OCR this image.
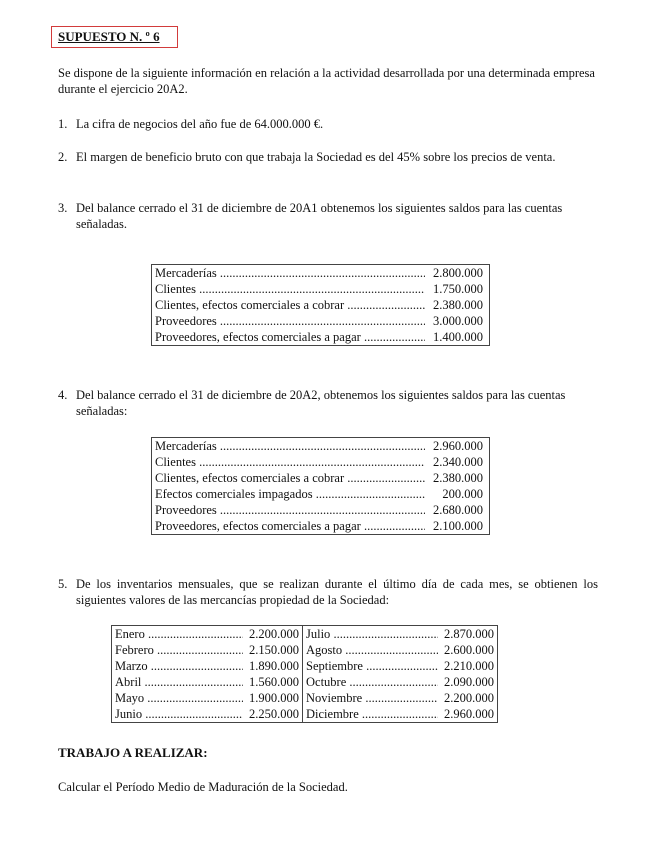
SUPUESTO N. º 6
Se dispone de la siguiente información en relación a la actividad desarrollada por una determinada empresa durante el ejercicio 20A2.
1. La cifra de negocios del año fue de 64.000.000 €.
2. El margen de beneficio bruto con que trabaja la Sociedad es del 45% sobre los precios de venta.
3. Del balance cerrado el 31 de diciembre de 20A1 obtenemos los siguientes saldos para las cuentas señaladas.
Mercaderías .....	2.800.000
Clientes .....	1.750.000
Clientes, efectos comerciales a cobrar .....	2.380.000
Proveedores .....	3.000.000
Proveedores, efectos comerciales a pagar .....	1.400.000
4. Del balance cerrado el 31 de diciembre de 20A2, obtenemos los siguientes saldos para las cuentas señaladas:
Mercaderías .....	2.960.000
Clientes .....	2.340.000
Clientes, efectos comerciales a cobrar .....	2.380.000
Efectos comerciales impagados .....	200.000
Proveedores .....	2.680.000
Proveedores, efectos comerciales a pagar .....	2.100.000
5. De los inventarios mensuales, que se realizan durante el último día de cada mes, se obtienen los siguientes valores de las mercancías propiedad de la Sociedad:
Enero ..... 2.200.000	Julio ..... 2.870.000
Febrero ..... 2.150.000	Agosto ..... 2.600.000
Marzo ..... 1.890.000	Septiembre ..... 2.210.000
Abril ..... 1.560.000	Octubre ..... 2.090.000
Mayo ..... 1.900.000	Noviembre ..... 2.200.000
Junio ..... 2.250.000	Diciembre ..... 2.960.000
TRABAJO A REALIZAR:
Calcular el Período Medio de Maduración de la Sociedad.
